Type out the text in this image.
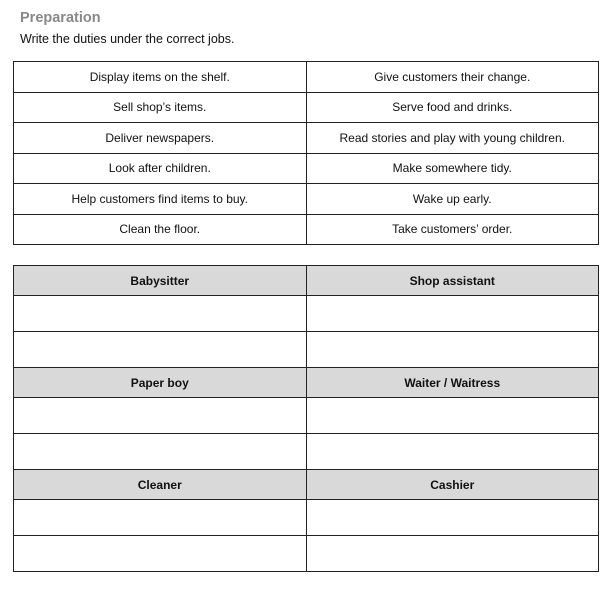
Preparation
Write the duties under the correct jobs.
Display items on the shelf.	Give customers their change.
Sell shop’s items.	Serve food and drinks.
Deliver newspapers.	Read stories and play with young children.
Look after children.	Make somewhere tidy.
Help customers find items to buy.	Wake up early.
Clean the floor.	Take customers’ order.
Babysitter	Shop assistant

Paper boy	Waiter / Waitress

Cleaner	Cashier
